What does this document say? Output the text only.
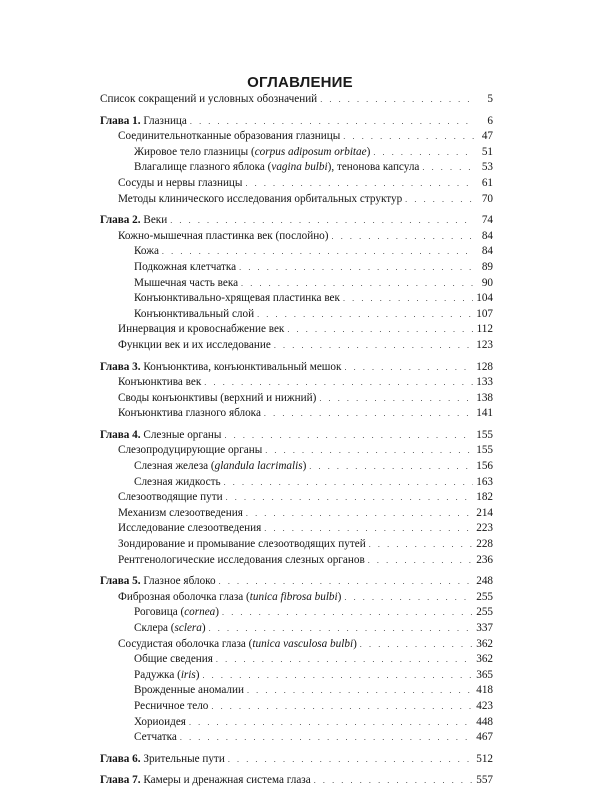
ОГЛАВЛЕНИЕ
Список сокращений и условных обозначений . . .	5
Глава 1. Глазница . . .	6
Соединительнотканные образования глазницы . . .	47
Жировое тело глазницы (corpus adiposum orbitae) . . .	51
Влагалище глазного яблока (vagina bulbi), тенонова капсула . . .	53
Сосуды и нервы глазницы . . .	61
Методы клинического исследования орбитальных структур . . .	70
Глава 2. Веки . . .	74
Кожно-мышечная пластинка век (послойно) . . .	84
Кожа . . .	84
Подкожная клетчатка . . .	89
Мышечная часть века . . .	90
Конъюнктивально-хрящевая пластинка век . . .	104
Конъюнктивальный слой . . .	107
Иннервация и кровоснабжение век . . .	112
Функции век и их исследование . . .	123
Глава 3. Конъюнктива, конъюнктивальный мешок . . .	128
Конъюнктива век . . .	133
Своды конъюнктивы (верхний и нижний) . . .	138
Конъюнктива глазного яблока . . .	141
Глава 4. Слезные органы . . .	155
Слезопродуцирующие органы . . .	155
Слезная железа (glandula lacrimalis) . . .	156
Слезная жидкость . . .	163
Слезоотводящие пути . . .	182
Механизм слезоотведения . . .	214
Исследование слезоотведения . . .	223
Зондирование и промывание слезоотводящих путей . . .	228
Рентгенологические исследования слезных органов . . .	236
Глава 5. Глазное яблоко . . .	248
Фиброзная оболочка глаза (tunica fibrosa bulbi) . . .	255
Роговица (cornea) . . .	255
Склера (sclera) . . .	337
Сосудистая оболочка глаза (tunica vasculosa bulbi) . . .	362
Общие сведения . . .	362
Радужка (iris) . . .	365
Врожденные аномалии . . .	418
Ресничное тело . . .	423
Хориоидея . . .	448
Сетчатка . . .	467
Глава 6. Зрительные пути . . .	512
Глава 7. Камеры и дренажная система глаза . . .	557
